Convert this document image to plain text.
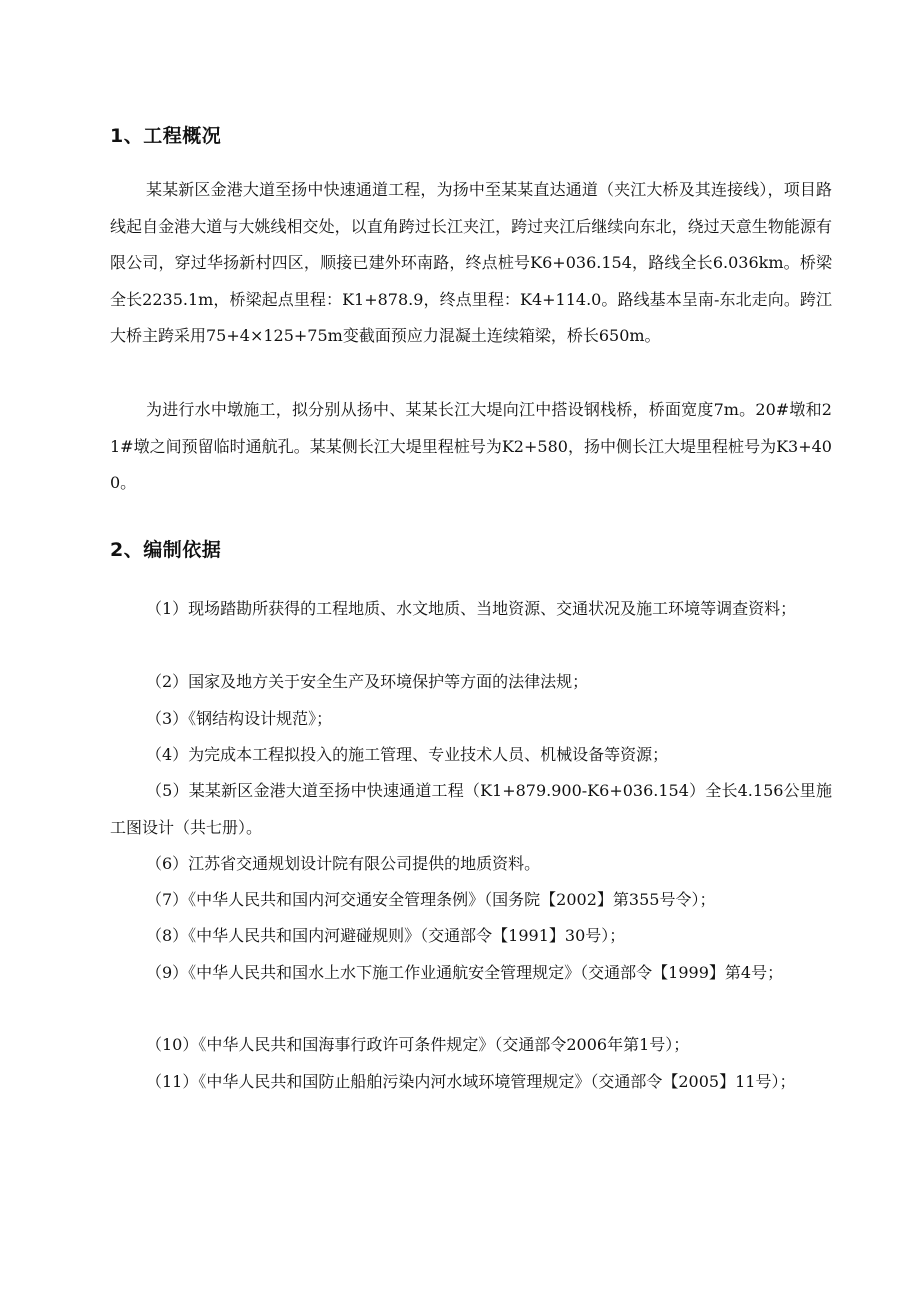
1、工程概况

某某新区金港大道至扬中快速通道工程，为扬中至某某直达通道（夹江大桥及其连接线），项目路线起自金港大道与大姚线相交处，以直角跨过长江夹江，跨过夹江后继续向东北，绕过天意生物能源有限公司，穿过华扬新村四区，顺接已建外环南路，终点桩号K6+036.154，路线全长6.036km。桥梁全长2235.1m，桥梁起点里程：K1+878.9，终点里程：K4+114.0。路线基本呈南-东北走向。跨江大桥主跨采用75+4×125+75m变截面预应力混凝土连续箱梁，桥长650m。

为进行水中墩施工，拟分别从扬中、某某长江大堤向江中搭设钢栈桥，桥面宽度7m。20#墩和21#墩之间预留临时通航孔。某某侧长江大堤里程桩号为K2+580，扬中侧长江大堤里程桩号为K3+400。

2、编制依据

（1）现场踏勘所获得的工程地质、水文地质、当地资源、交通状况及施工环境等调查资料；

（2）国家及地方关于安全生产及环境保护等方面的法律法规；

（3）《钢结构设计规范》；

（4）为完成本工程拟投入的施工管理、专业技术人员、机械设备等资源；

（5）某某新区金港大道至扬中快速通道工程（K1+879.900-K6+036.154）全长4.156公里施工图设计（共七册）。

（6）江苏省交通规划设计院有限公司提供的地质资料。

（7）《中华人民共和国内河交通安全管理条例》（国务院【2002】第355号令）；

（8）《中华人民共和国内河避碰规则》（交通部令【1991】30号）；

（9）《中华人民共和国水上水下施工作业通航安全管理规定》（交通部令【1999】第4号；

（10）《中华人民共和国海事行政许可条件规定》（交通部令2006年第1号）；

（11）《中华人民共和国防止船舶污染内河水域环境管理规定》（交通部令【2005】11号）；
